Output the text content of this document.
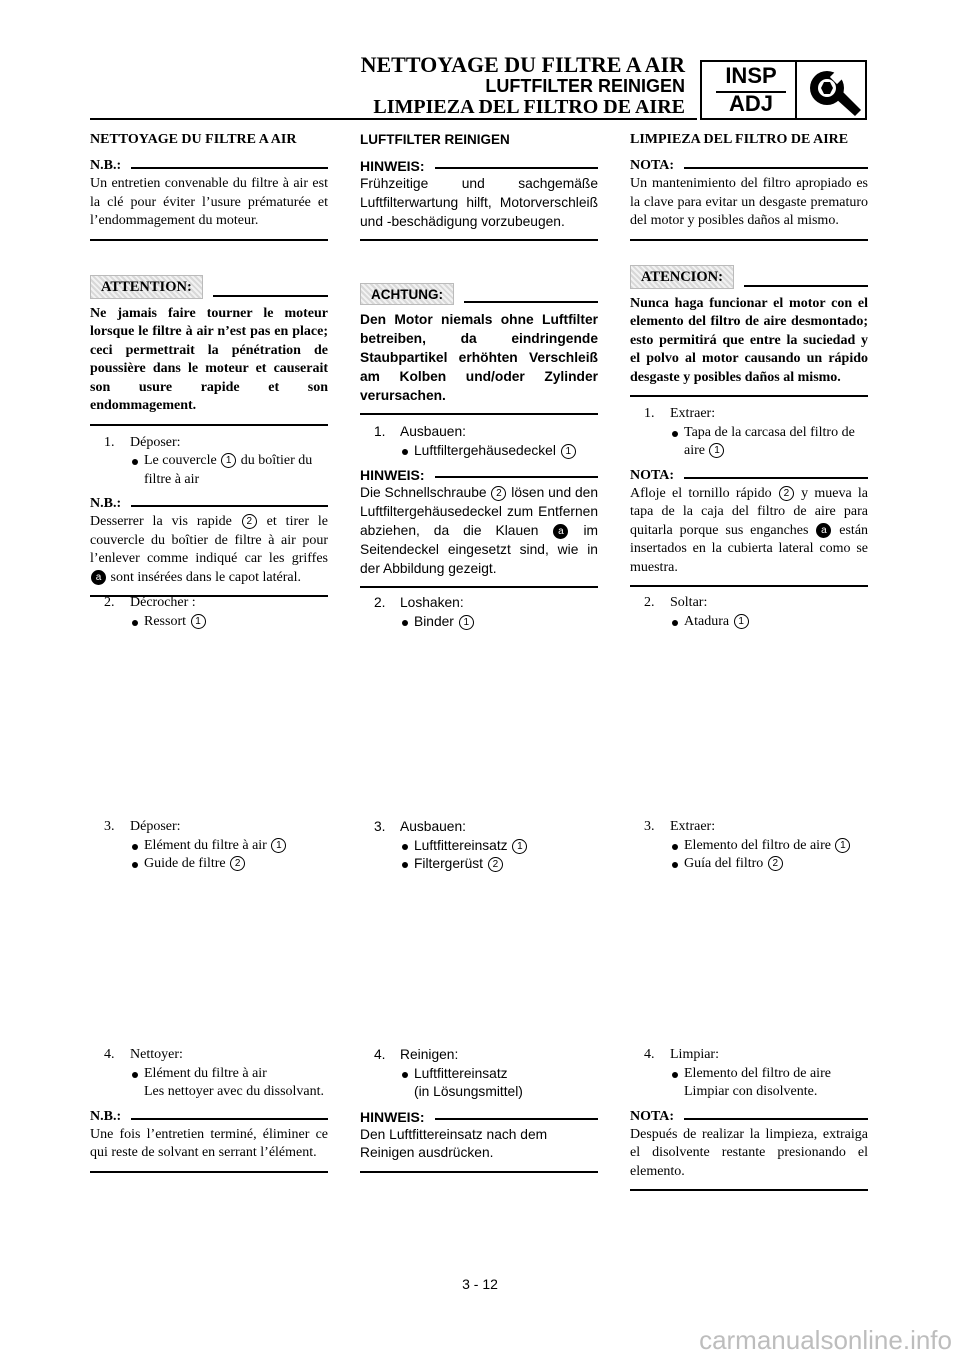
NETTOYAGE DU FILTRE A AIR
LUFTFILTER REINIGEN
LIMPIEZA DEL FILTRO DE AIRE
INSP
ADJ
NETTOYAGE DU FILTRE A AIR
N.B.:

Un entretien convenable du filtre à air est la clé pour éviter l’usure prématurée et l’endommagement du moteur.

ATTENTION:

Ne jamais faire tourner le moteur lorsque le filtre à air n’est pas en place; ceci permettrait la pénétration de poussière dans le moteur et causerait son usure rapide et son endommagement.

1. Déposer:
Le couvercle 1 du boîtier du
filtre à air
N.B.:

Desserrer la vis rapide 2 et tirer le couvercle du boîtier de filtre à air pour l’enlever comme indiqué car les griffes a sont insérées dans le capot latéral.

2. Décrocher :
Ressort 1
3. Déposer:
Elément du filtre à air 1
Guide de filtre 2
4. Nettoyer:
Elément du filtre à air
Les nettoyer avec du dissolvant.
N.B.:

Une fois l’entretien terminé, éliminer ce qui reste de solvant en serrant l’élément.

LUFTFILTER REINIGEN
HINWEIS:

Frühzeitige und sachgemäße Luftfilterwartung hilft, Motorverschleiß und -beschädigung vorzubeugen.

ACHTUNG:

Den Motor niemals ohne Luftfilter betreiben, da eindringende Staubpartikel erhöhten Verschleiß am Kolben und/oder Zylinder verursachen.

1. Ausbauen:
Luftfiltergehäusedeckel 1
HINWEIS:

Die Schnellschraube 2 lösen und den Luftfiltergehäusedeckel zum Entfernen abziehen, da die Klauen a im Seitendeckel eingesetzt sind, wie in der Abbildung gezeigt.

2. Loshaken:
Binder 1
3. Ausbauen:
Luftfittereinsatz 1
Filtergerüst 2
4. Reinigen:
Luftfittereinsatz
(in Lösungsmittel)
HINWEIS:

Den Luftfittereinsatz nach dem Reinigen ausdrücken.

LIMPIEZA DEL FILTRO DE AIRE
NOTA:

Un mantenimiento del filtro apropiado es la clave para evitar un desgaste prematuro del motor y posibles daños al mismo.

ATENCION:

Nunca haga funcionar el motor con el elemento del filtro de aire desmontado; esto permitirá que entre la suciedad y el polvo al motor causando un rápido desgaste y posibles daños al mismo.

1. Extraer:
Tapa de la carcasa del filtro de aire 1
NOTA:

Afloje el tornillo rápido 2 y mueva la tapa de la caja del filtro de aire para quitarla porque sus enganches a están insertados en la cubierta lateral como se muestra.

2. Soltar:
Atadura 1
3. Extraer:
Elemento del filtro de aire 1
Guía del filtro 2
4. Limpiar:
Elemento del filtro de aire
Limpiar con disolvente.
NOTA:

Después de realizar la limpieza, extraiga el disolvente restante presionando el elemento.

3 - 12
carmanualsonline.info
